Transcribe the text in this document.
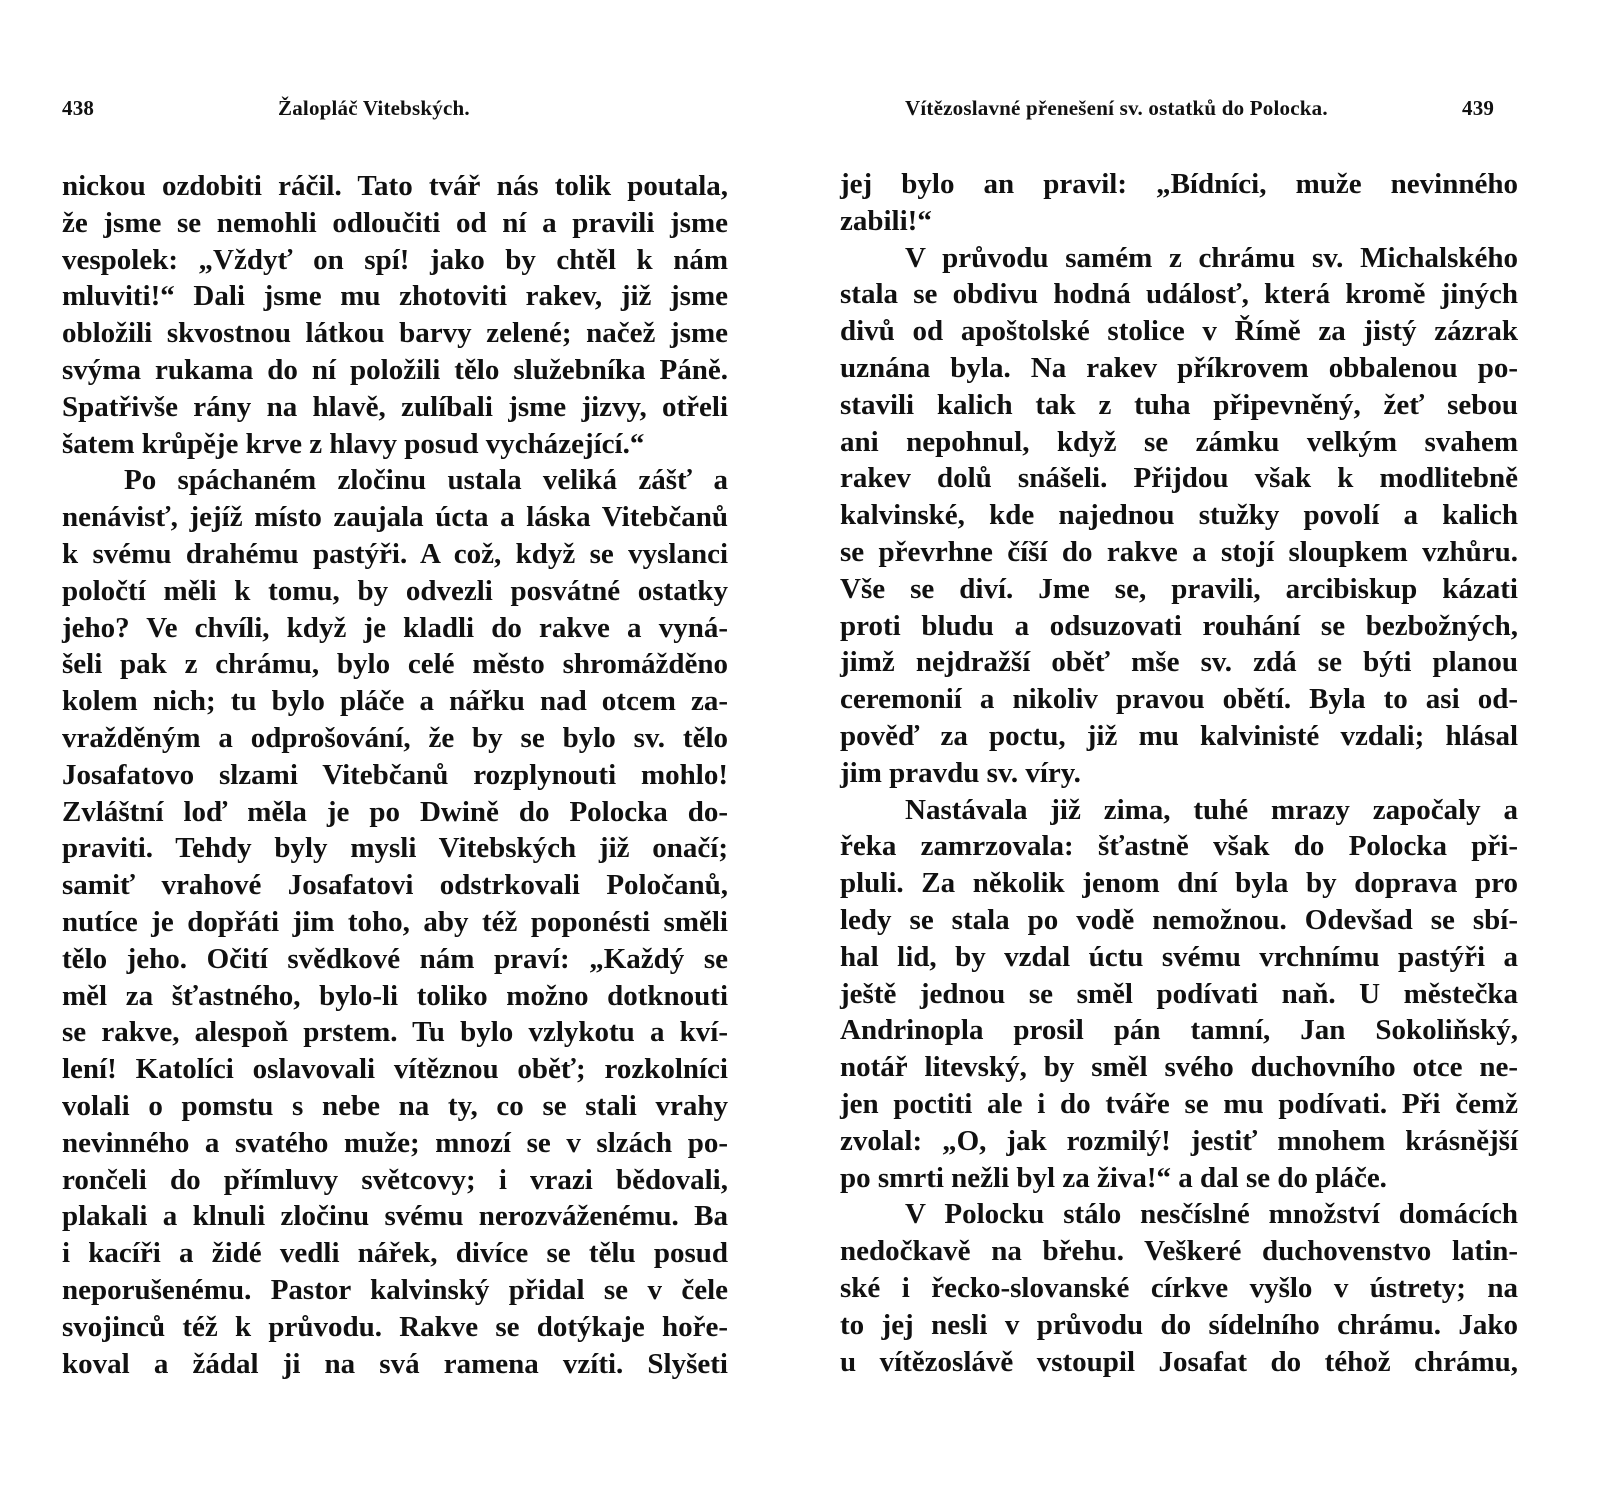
438	Žalopláč Vitebských.
nickou ozdobiti ráčil. Tato tvář nás tolik poutala,
že jsme se nemohli odloučiti od ní a pravili jsme
vespolek: „Vždyť on spí! jako by chtěl k nám
mluviti!“ Dali jsme mu zhotoviti rakev, již jsme
obložili skvostnou látkou barvy zelené; načež jsme
svýma rukama do ní položili tělo služebníka Páně.
Spatřivše rány na hlavě, zulíbali jsme jizvy, otřeli
šatem krůpěje krve z hlavy posud vycházející.“
Po spáchaném zločinu ustala veliká zášť a
nenávisť, jejíž místo zaujala úcta a láska Vitebčanů
k svému drahému pastýři. A což, když se vyslanci
poločtí měli k tomu, by odvezli posvátné ostatky
jeho? Ve chvíli, když je kladli do rakve a vyná-
šeli pak z chrámu, bylo celé město shromážděno
kolem nich; tu bylo pláče a nářku nad otcem za-
vražděným a odprošování, že by se bylo sv. tělo
Josafatovo slzami Vitebčanů rozplynouti mohlo!
Zvláštní loď měla je po Dwině do Polocka do-
praviti. Tehdy byly mysli Vitebských již onačí;
samiť vrahové Josafatovi odstrkovali Poločanů,
nutíce je dopřáti jim toho, aby též poponésti směli
tělo jeho. Očití svědkové nám praví: „Každý se
měl za šťastného, bylo-li toliko možno dotknouti
se rakve, alespoň prstem. Tu bylo vzlykotu a kví-
lení! Katolíci oslavovali vítěznou oběť; rozkolníci
volali o pomstu s nebe na ty, co se stali vrahy
nevinného a svatého muže; mnozí se v slzách po-
rončeli do přímluvy světcovy; i vrazi bědovali,
plakali a klnuli zločinu svému nerozváženému. Ba
i kacíři a židé vedli nářek, divíce se tělu posud
neporušenému. Pastor kalvinský přidal se v čele
svojinců též k průvodu. Rakve se dotýkaje hoře-
koval a žádal ji na svá ramena vzíti. Slyšeti
Vítězoslavné přenešení sv. ostatků do Polocka.	439
jej bylo an pravil: „Bídníci, muže nevinného
zabili!“
V průvodu samém z chrámu sv. Michalského
stala se obdivu hodná událosť, která kromě jiných
divů od apoštolské stolice v Římě za jistý zázrak
uznána byla. Na rakev příkrovem obbalenou po-
stavili kalich tak z tuha připevněný, žeť sebou
ani nepohnul, když se zámku velkým svahem
rakev dolů snášeli. Přijdou však k modlitebně
kalvinské, kde najednou stužky povolí a kalich
se převrhne číší do rakve a stojí sloupkem vzhůru.
Vše se diví. Jme se, pravili, arcibiskup kázati
proti bludu a odsuzovati rouhání se bezbožných,
jimž nejdražší oběť mše sv. zdá se býti planou
ceremonií a nikoliv pravou obětí. Byla to asi od-
pověď za poctu, již mu kalvinisté vzdali; hlásal
jim pravdu sv. víry.
Nastávala již zima, tuhé mrazy započaly a
řeka zamrzovala: šťastně však do Polocka při-
pluli. Za několik jenom dní byla by doprava pro
ledy se stala po vodě nemožnou. Odevšad se sbí-
hal lid, by vzdal úctu svému vrchnímu pastýři a
ještě jednou se směl podívati naň. U městečka
Andrinopla prosil pán tamní, Jan Sokoliňský,
notář litevský, by směl svého duchovního otce ne-
jen poctiti ale i do tváře se mu podívati. Při čemž
zvolal: „O, jak rozmilý! jestiť mnohem krásnější
po smrti nežli byl za živa!“ a dal se do pláče.
V Polocku stálo nesčíslné množství domácích
nedočkavě na břehu. Veškeré duchovenstvo latin-
ské i řecko-slovanské církve vyšlo v ústrety; na
to jej nesli v průvodu do sídelního chrámu. Jako
u vítězoslávě vstoupil Josafat do téhož chrámu,
